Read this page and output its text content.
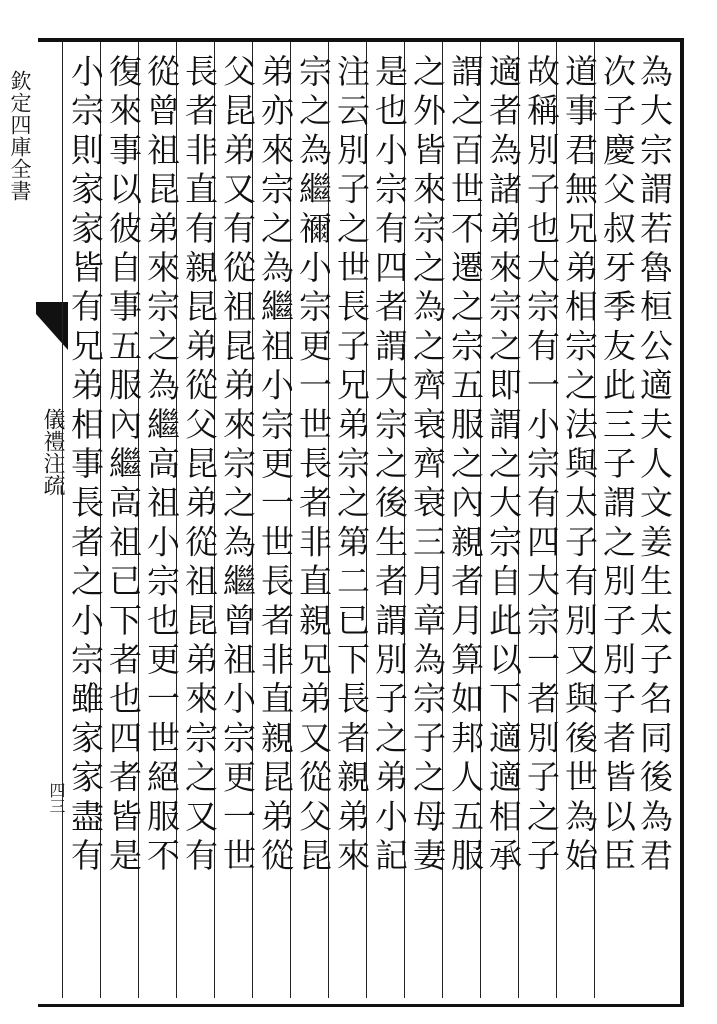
欽定四庫全書
儀禮注疏
四三	為大宗謂若魯桓公適夫人文姜生太子名同後為君
次子慶父叔牙季友此三子謂之別子別子者皆以臣
道事君無兄弟相宗之法與太子有別又與後世為始
故稱別子也大宗有一小宗有四大宗一者別子之子
適者為諸弟來宗之即謂之大宗自此以下適適相承
謂之百世不遷之宗五服之內親者月算如邦人五服
之外皆來宗之為之齊衰齊衰三月章為宗子之母妻
是也小宗有四者謂大宗之後生者謂別子之弟小記
注云別子之世長子兄弟宗之第二已下長者親弟來
宗之為繼禰小宗更一世長者非直親兄弟又從父昆
弟亦來宗之為繼祖小宗更一世長者非直親昆弟從
父昆弟又有從祖昆弟來宗之為繼曾祖小宗更一世
長者非直有親昆弟從父昆弟從祖昆弟來宗之又有
從曾祖昆弟來宗之為繼高祖小宗也更一世絕服不
復來事以彼自事五服內繼高祖已下者也四者皆是
小宗則家家皆有兄弟相事長者之小宗雖家家盡有
